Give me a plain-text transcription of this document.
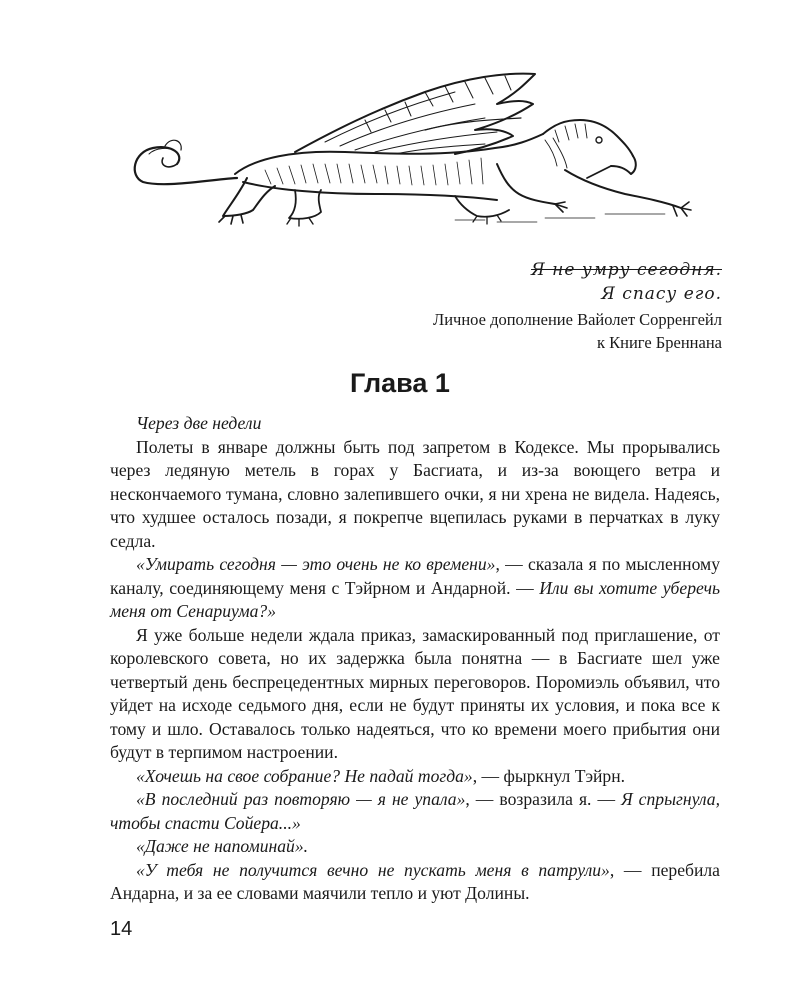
Я не умру сегодня.
Я спасу его.
Личное дополнение Вайолет Сорренгейл
к Книге Бреннана
Глава 1

Через две недели

Полеты в январе должны быть под запретом в Кодексе. Мы прорывались через ледяную метель в горах у Басгиата, и из-за воющего ветра и нескончаемого тумана, словно залепившего очки, я ни хрена не видела. Надеясь, что худшее осталось позади, я покрепче вцепилась руками в перчатках в луку седла.

«Умирать сегодня — это очень не ко времени», — сказала я по мысленному каналу, соединяющему меня с Тэйрном и Андарной. — Или вы хотите уберечь меня от Сенариума?»

Я уже больше недели ждала приказ, замаскированный под приглашение, от королевского совета, но их задержка была понятна — в Басгиате шел уже четвертый день беспрецедентных мирных переговоров. Поромиэль объявил, что уйдет на исходе седьмого дня, если не будут приняты их условия, и пока все к тому и шло. Оставалось только надеяться, что ко времени моего прибытия они будут в терпимом настроении.

«Хочешь на свое собрание? Не падай тогда», — фыркнул Тэйрн.

«В последний раз повторяю — я не упала», — возразила я. — Я спрыгнула, чтобы спасти Сойера...»

«Даже не напоминай».

«У тебя не получится вечно не пускать меня в патрули», — перебила Андарна, и за ее словами маячили тепло и уют Долины.

14
